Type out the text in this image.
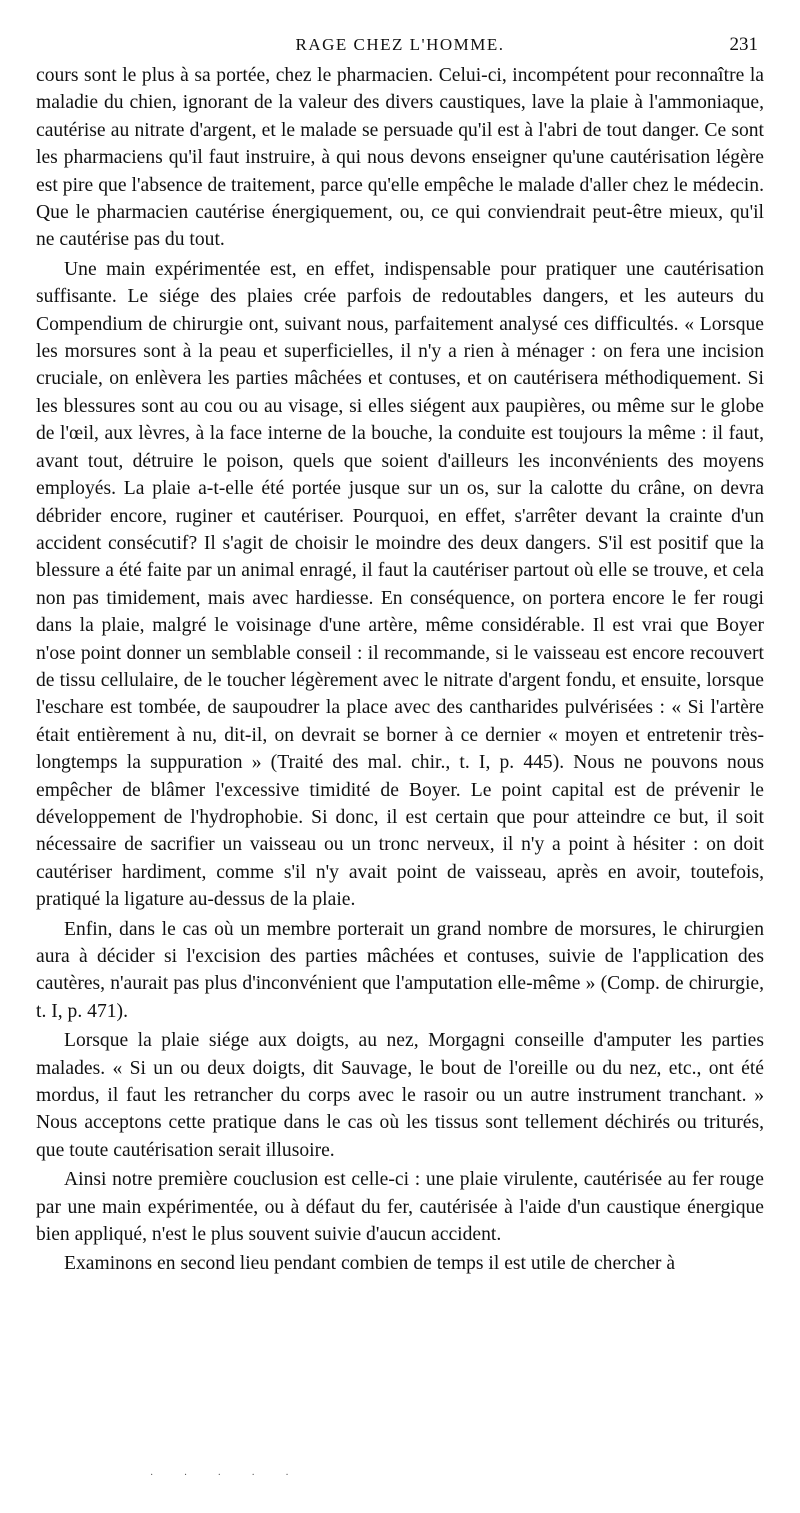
RAGE CHEZ L'HOMME.	231

cours sont le plus à sa portée, chez le pharmacien. Celui-ci, incompétent pour reconnaître la maladie du chien, ignorant de la valeur des divers caustiques, lave la plaie à l'ammoniaque, cautérise au nitrate d'argent, et le malade se persuade qu'il est à l'abri de tout danger. Ce sont les pharmaciens qu'il faut instruire, à qui nous devons enseigner qu'une cautérisation légère est pire que l'absence de traitement, parce qu'elle empêche le malade d'aller chez le médecin. Que le pharmacien cautérise énergiquement, ou, ce qui conviendrait peut-être mieux, qu'il ne cautérise pas du tout.

Une main expérimentée est, en effet, indispensable pour pratiquer une cautérisation suffisante. Le siége des plaies crée parfois de redoutables dangers, et les auteurs du Compendium de chirurgie ont, suivant nous, parfaitement analysé ces difficultés. « Lorsque les morsures sont à la peau et superficielles, il n'y a rien à ménager : on fera une incision cruciale, on enlèvera les parties mâchées et contuses, et on cautérisera méthodiquement. Si les blessures sont au cou ou au visage, si elles siégent aux paupières, ou même sur le globe de l'œil, aux lèvres, à la face interne de la bouche, la conduite est toujours la même : il faut, avant tout, détruire le poison, quels que soient d'ailleurs les inconvénients des moyens employés. La plaie a-t-elle été portée jusque sur un os, sur la calotte du crâne, on devra débrider encore, ruginer et cautériser. Pourquoi, en effet, s'arrêter devant la crainte d'un accident consécutif? Il s'agit de choisir le moindre des deux dangers. S'il est positif que la blessure a été faite par un animal enragé, il faut la cautériser partout où elle se trouve, et cela non pas timidement, mais avec hardiesse. En conséquence, on portera encore le fer rougi dans la plaie, malgré le voisinage d'une artère, même considérable. Il est vrai que Boyer n'ose point donner un semblable conseil : il recommande, si le vaisseau est encore recouvert de tissu cellulaire, de le toucher légèrement avec le nitrate d'argent fondu, et ensuite, lorsque l'eschare est tombée, de saupoudrer la place avec des cantharides pulvérisées : « Si l'artère était entièrement à nu, dit-il, on devrait se borner à ce dernier « moyen et entretenir très-longtemps la suppuration » (Traité des mal. chir., t. I, p. 445). Nous ne pouvons nous empêcher de blâmer l'excessive timidité de Boyer. Le point capital est de prévenir le développement de l'hydrophobie. Si donc, il est certain que pour atteindre ce but, il soit nécessaire de sacrifier un vaisseau ou un tronc nerveux, il n'y a point à hésiter : on doit cautériser hardiment, comme s'il n'y avait point de vaisseau, après en avoir, toutefois, pratiqué la ligature au-dessus de la plaie.

Enfin, dans le cas où un membre porterait un grand nombre de morsures, le chirurgien aura à décider si l'excision des parties mâchées et contuses, suivie de l'application des cautères, n'aurait pas plus d'inconvénient que l'amputation elle-même » (Comp. de chirurgie, t. I, p. 471).

Lorsque la plaie siége aux doigts, au nez, Morgagni conseille d'amputer les parties malades. « Si un ou deux doigts, dit Sauvage, le bout de l'oreille ou du nez, etc., ont été mordus, il faut les retrancher du corps avec le rasoir ou un autre instrument tranchant. » Nous acceptons cette pratique dans le cas où les tissus sont tellement déchirés ou triturés, que toute cautérisation serait illusoire.

Ainsi notre première couclusion est celle-ci : une plaie virulente, cautérisée au fer rouge par une main expérimentée, ou à défaut du fer, cautérisée à l'aide d'un caustique énergique bien appliqué, n'est le plus souvent suivie d'aucun accident.

Examinons en second lieu pendant combien de temps il est utile de chercher à

· · · · ·
